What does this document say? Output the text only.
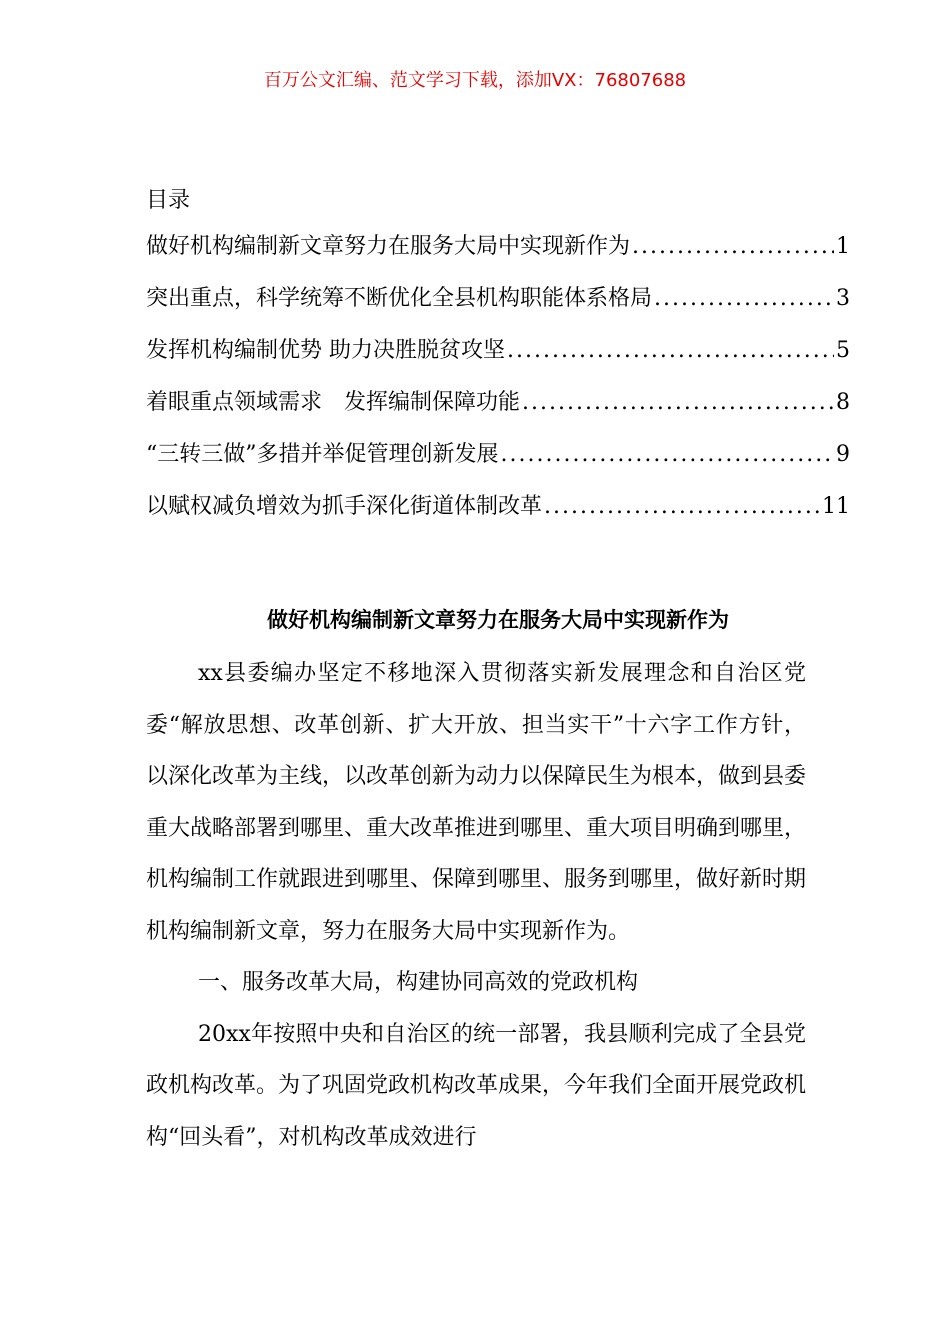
百万公文汇编、范文学习下载，添加VX：76807688
目录
做好机构编制新文章努力在服务大局中实现新作为 .....	1
突出重点，科学统筹不断优化全县机构职能体系格局 .....	3
发挥机构编制优势 助力决胜脱贫攻坚 .....	5
着眼重点领域需求　发挥编制保障功能 .....	8
“三转三做”多措并举促管理创新发展 .....	9
以赋权减负增效为抓手深化街道体制改革 .....	11
做好机构编制新文章努力在服务大局中实现新作为

xx县委编办坚定不移地深入贯彻落实新发展理念和自治区党委“解放思想、改革创新、扩大开放、担当实干”十六字工作方针，以深化改革为主线，以改革创新为动力以保障民生为根本，做到县委重大战略部署到哪里、重大改革推进到哪里、重大项目明确到哪里，机构编制工作就跟进到哪里、保障到哪里、服务到哪里，做好新时期机构编制新文章，努力在服务大局中实现新作为。

一、服务改革大局，构建协同高效的党政机构

20xx年按照中央和自治区的统一部署，我县顺利完成了全县党政机构改革。为了巩固党政机构改革成果，今年我们全面开展党政机构“回头看”，对机构改革成效进行
